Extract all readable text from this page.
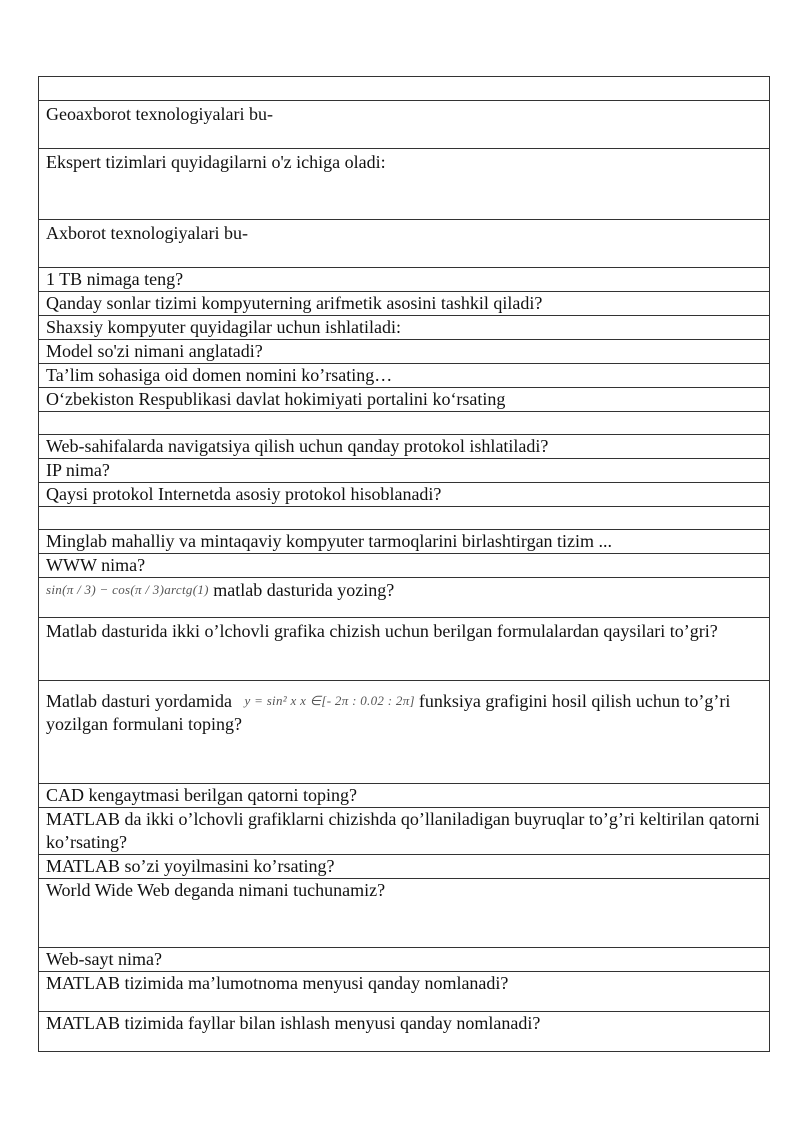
Geoaxborot texnologiyalari bu-
Ekspert tizimlari quyidagilarni o'z ichiga oladi:
Axborot texnologiyalari bu-
1 TB nimaga teng?
Qanday sonlar tizimi kompyuterning arifmetik asosini tashkil qiladi?
Shaxsiy kompyuter quyidagilar uchun ishlatiladi:
Model so'zi nimani anglatadi?
Ta’lim sohasiga oid domen nomini ko’rsating…
O‘zbekiston Respublikasi davlat hokimiyati portalini ko‘rsating

Web-sahifalarda navigatsiya qilish uchun qanday protokol ishlatiladi?
IP nima?
Qaysi protokol Internetda asosiy protokol hisoblanadi?

Minglab mahalliy va mintaqaviy kompyuter tarmoqlarini birlashtirgan tizim ...
WWW nima?
sin(π / 3) − cos(π / 3)arctg(1) matlab dasturida yozing?
Matlab dasturida ikki o’lchovli grafika chizish uchun berilgan formulalardan qaysilari to’gri?
Matlab dasturi yordamida y = sin² x x ∈[- 2π : 0.02 : 2π] funksiya grafigini hosil qilish uchun to’g’ri yozilgan formulani toping?
CAD kengaytmasi berilgan qatorni toping?
MATLAB da ikki o’lchovli grafiklarni chizishda qo’llaniladigan buyruqlar to’g’ri keltirilan qatorni ko’rsating?
MATLAB so’zi yoyilmasini ko’rsating?
World Wide Web deganda nimani tuchunamiz?
Web-sayt nima?
MATLAB tizimida ma’lumotnoma menyusi qanday nomlanadi?
MATLAB tizimida fayllar bilan ishlash menyusi qanday nomlanadi?
